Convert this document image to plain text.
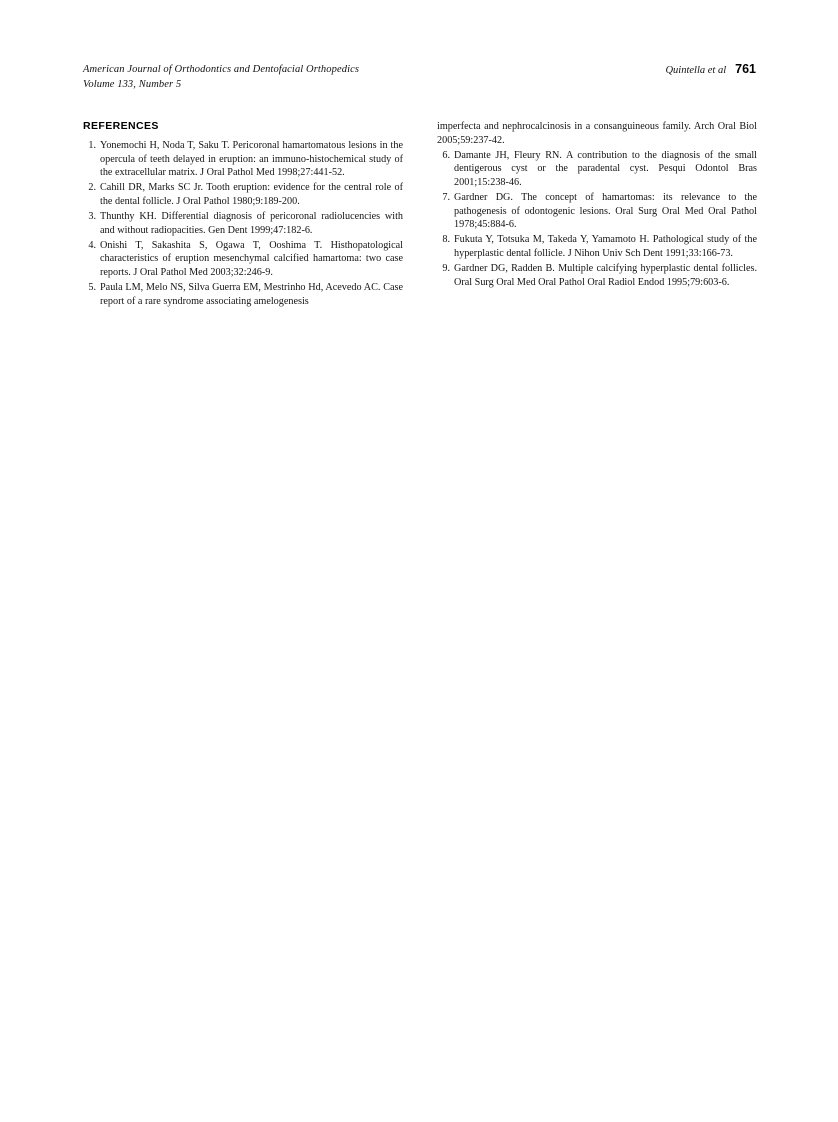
American Journal of Orthodontics and Dentofacial Orthopedics
Volume 133, Number 5
Quintella et al 761
REFERENCES
1. Yonemochi H, Noda T, Saku T. Pericoronal hamartomatous lesions in the opercula of teeth delayed in eruption: an immuno-histochemical study of the extracellular matrix. J Oral Pathol Med 1998;27:441-52.
2. Cahill DR, Marks SC Jr. Tooth eruption: evidence for the central role of the dental follicle. J Oral Pathol 1980;9:189-200.
3. Thunthy KH. Differential diagnosis of pericoronal radiolucencies with and without radiopacities. Gen Dent 1999;47:182-6.
4. Onishi T, Sakashita S, Ogawa T, Ooshima T. Histhopatological characteristics of eruption mesenchymal calcified hamartoma: two case reports. J Oral Pathol Med 2003;32:246-9.
5. Paula LM, Melo NS, Silva Guerra EM, Mestrinho Hd, Acevedo AC. Case report of a rare syndrome associating amelogenesis
imperfecta and nephrocalcinosis in a consanguineous family. Arch Oral Biol 2005;59:237-42.
6. Damante JH, Fleury RN. A contribution to the diagnosis of the small dentigerous cyst or the paradental cyst. Pesqui Odontol Bras 2001;15:238-46.
7. Gardner DG. The concept of hamartomas: its relevance to the pathogenesis of odontogenic lesions. Oral Surg Oral Med Oral Pathol 1978;45:884-6.
8. Fukuta Y, Totsuka M, Takeda Y, Yamamoto H. Pathological study of the hyperplastic dental follicle. J Nihon Univ Sch Dent 1991;33:166-73.
9. Gardner DG, Radden B. Multiple calcifying hyperplastic dental follicles. Oral Surg Oral Med Oral Pathol Oral Radiol Endod 1995;79:603-6.
